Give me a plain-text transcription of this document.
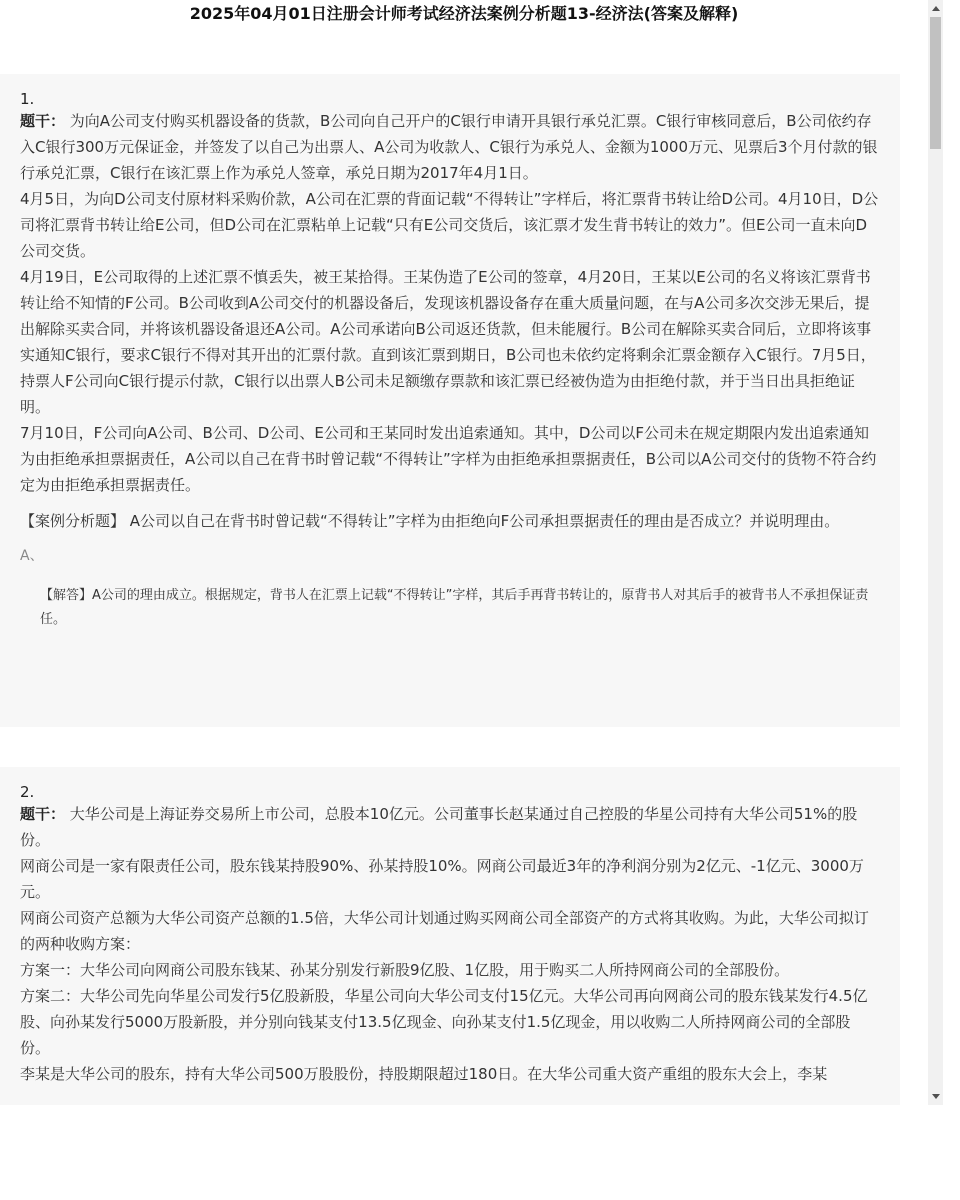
2025年04月01日注册会计师考试经济法案例分析题13-经济法(答案及解释)
1.

题干： 为向A公司支付购买机器设备的货款，B公司向自己开户的C银行申请开具银行承兑汇票。C银行审核同意后，B公司依约存入C银行300万元保证金，并签发了以自己为出票人、A公司为收款人、C银行为承兑人、金额为1000万元、见票后3个月付款的银行承兑汇票，C银行在该汇票上作为承兑人签章，承兑日期为2017年4月1日。

4月5日，为向D公司支付原材料采购价款，A公司在汇票的背面记载“不得转让”字样后，将汇票背书转让给D公司。4月10日，D公司将汇票背书转让给E公司，但D公司在汇票粘单上记载“只有E公司交货后，该汇票才发生背书转让的效力”。但E公司一直未向D公司交货。

4月19日，E公司取得的上述汇票不慎丢失，被王某拾得。王某伪造了E公司的签章，4月20日，王某以E公司的名义将该汇票背书转让给不知情的F公司。B公司收到A公司交付的机器设备后，发现该机器设备存在重大质量问题，在与A公司多次交涉无果后，提出解除买卖合同，并将该机器设备退还A公司。A公司承诺向B公司返还货款，但未能履行。B公司在解除买卖合同后，立即将该事实通知C银行，要求C银行不得对其开出的汇票付款。直到该汇票到期日，B公司也未依约定将剩余汇票金额存入C银行。7月5日，持票人F公司向C银行提示付款，C银行以出票人B公司未足额缴存票款和该汇票已经被伪造为由拒绝付款，并于当日出具拒绝证明。

7月10日，F公司向A公司、B公司、D公司、E公司和王某同时发出追索通知。其中，D公司以F公司未在规定期限内发出追索通知为由拒绝承担票据责任，A公司以自己在背书时曾记载“不得转让”字样为由拒绝承担票据责任，B公司以A公司交付的货物不符合约定为由拒绝承担票据责任。

【案例分析题】 A公司以自己在背书时曾记载“不得转让”字样为由拒绝向F公司承担票据责任的理由是否成立？并说明理由。

A、

【解答】A公司的理由成立。根据规定，背书人在汇票上记载“不得转让”字样，其后手再背书转让的，原背书人对其后手的被背书人不承担保证责任。

2.

题干： 大华公司是上海证券交易所上市公司，总股本10亿元。公司董事长赵某通过自己控股的华星公司持有大华公司51%的股份。

网商公司是一家有限责任公司，股东钱某持股90%、孙某持股10%。网商公司最近3年的净利润分别为2亿元、-1亿元、3000万元。

网商公司资产总额为大华公司资产总额的1.5倍，大华公司计划通过购买网商公司全部资产的方式将其收购。为此，大华公司拟订的两种收购方案：

方案一：大华公司向网商公司股东钱某、孙某分别发行新股9亿股、1亿股，用于购买二人所持网商公司的全部股份。

方案二：大华公司先向华星公司发行5亿股新股，华星公司向大华公司支付15亿元。大华公司再向网商公司的股东钱某发行4.5亿股、向孙某发行5000万股新股，并分别向钱某支付13.5亿现金、向孙某支付1.5亿现金，用以收购二人所持网商公司的全部股份。

李某是大华公司的股东，持有大华公司500万股股份，持股期限超过180日。在大华公司重大资产重组的股东大会上，李某
